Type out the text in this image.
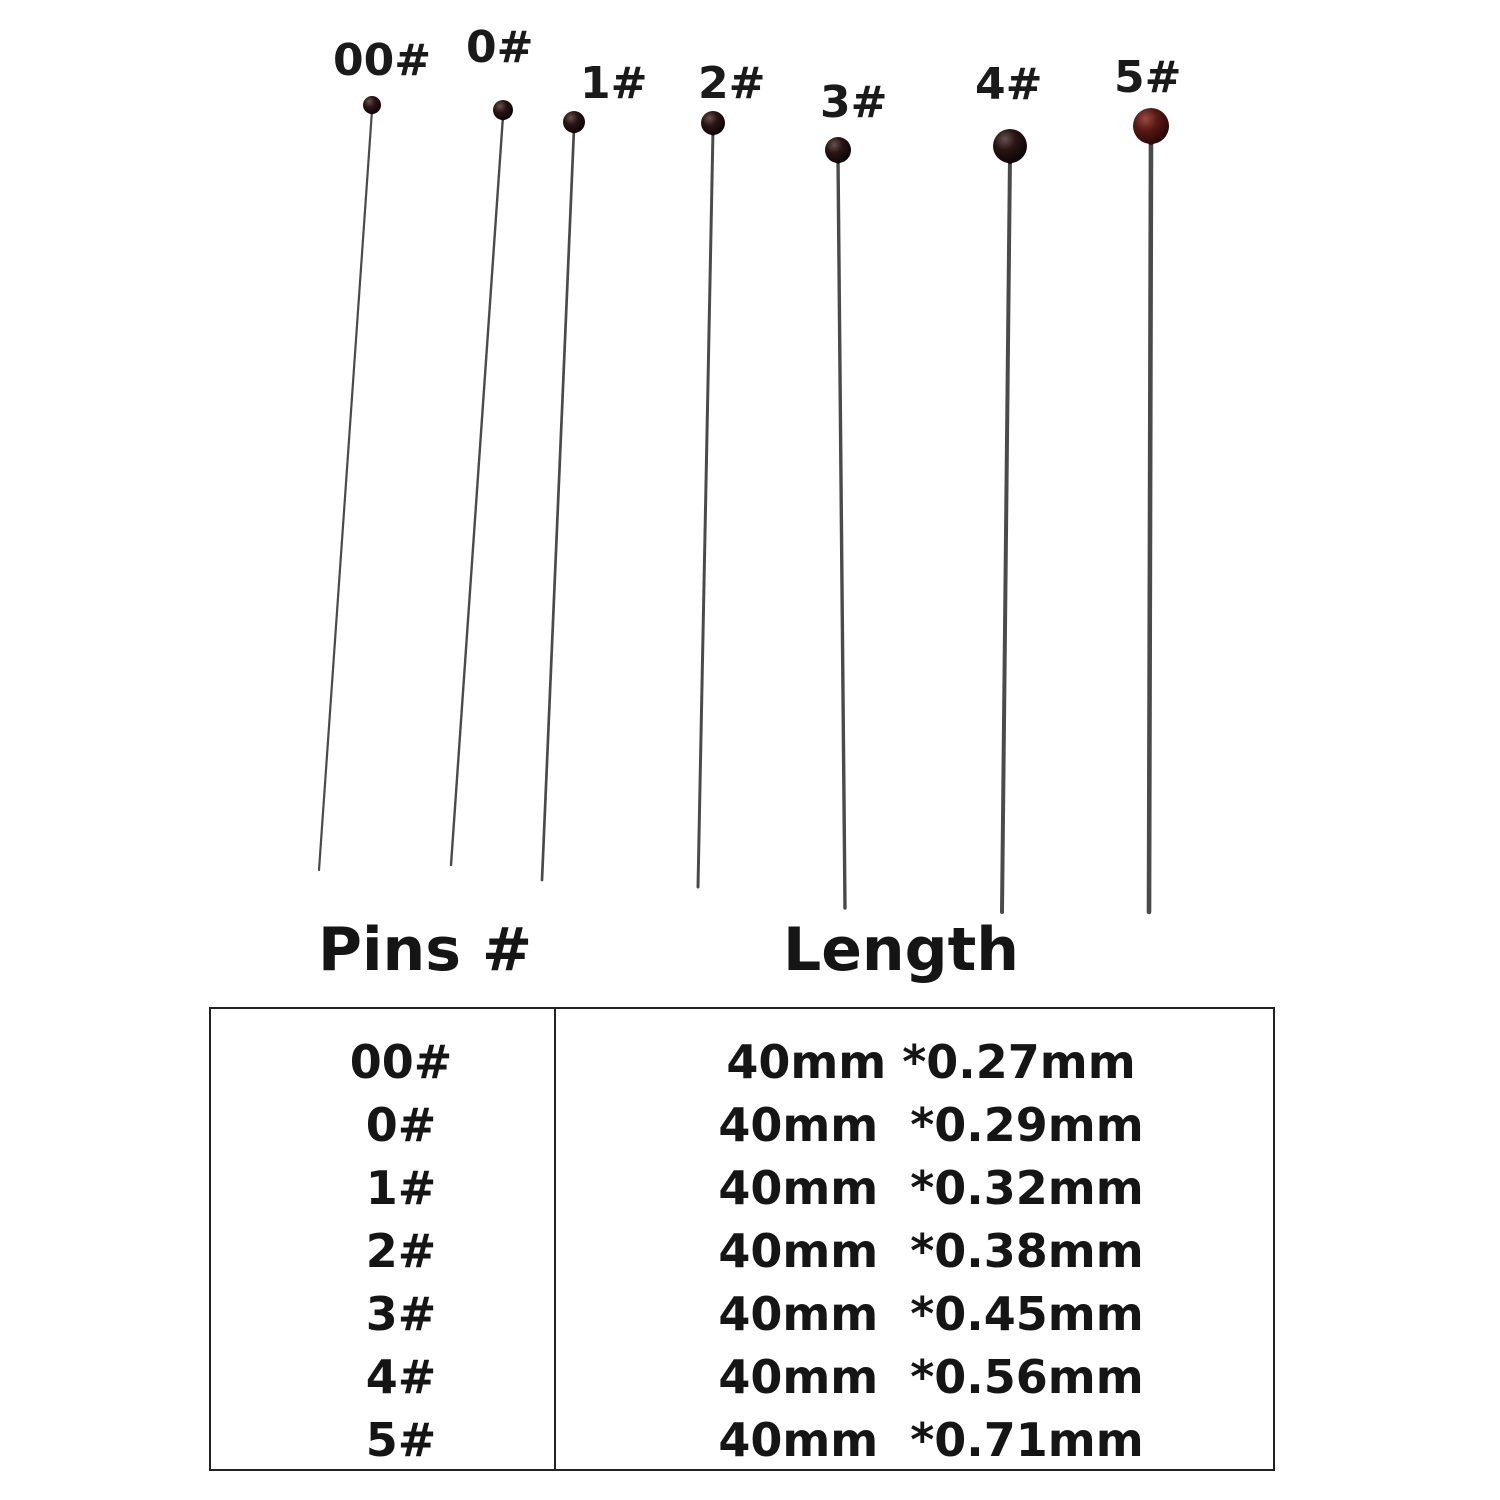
00# 0#
1# 2# 3# 4# 5#
Pins #	Length
00#	40mm *0.27mm
0#	40mm  *0.29mm
1#	40mm  *0.32mm
2#	40mm  *0.38mm
3#	40mm  *0.45mm
4#	40mm  *0.56mm
5#	40mm  *0.71mm
